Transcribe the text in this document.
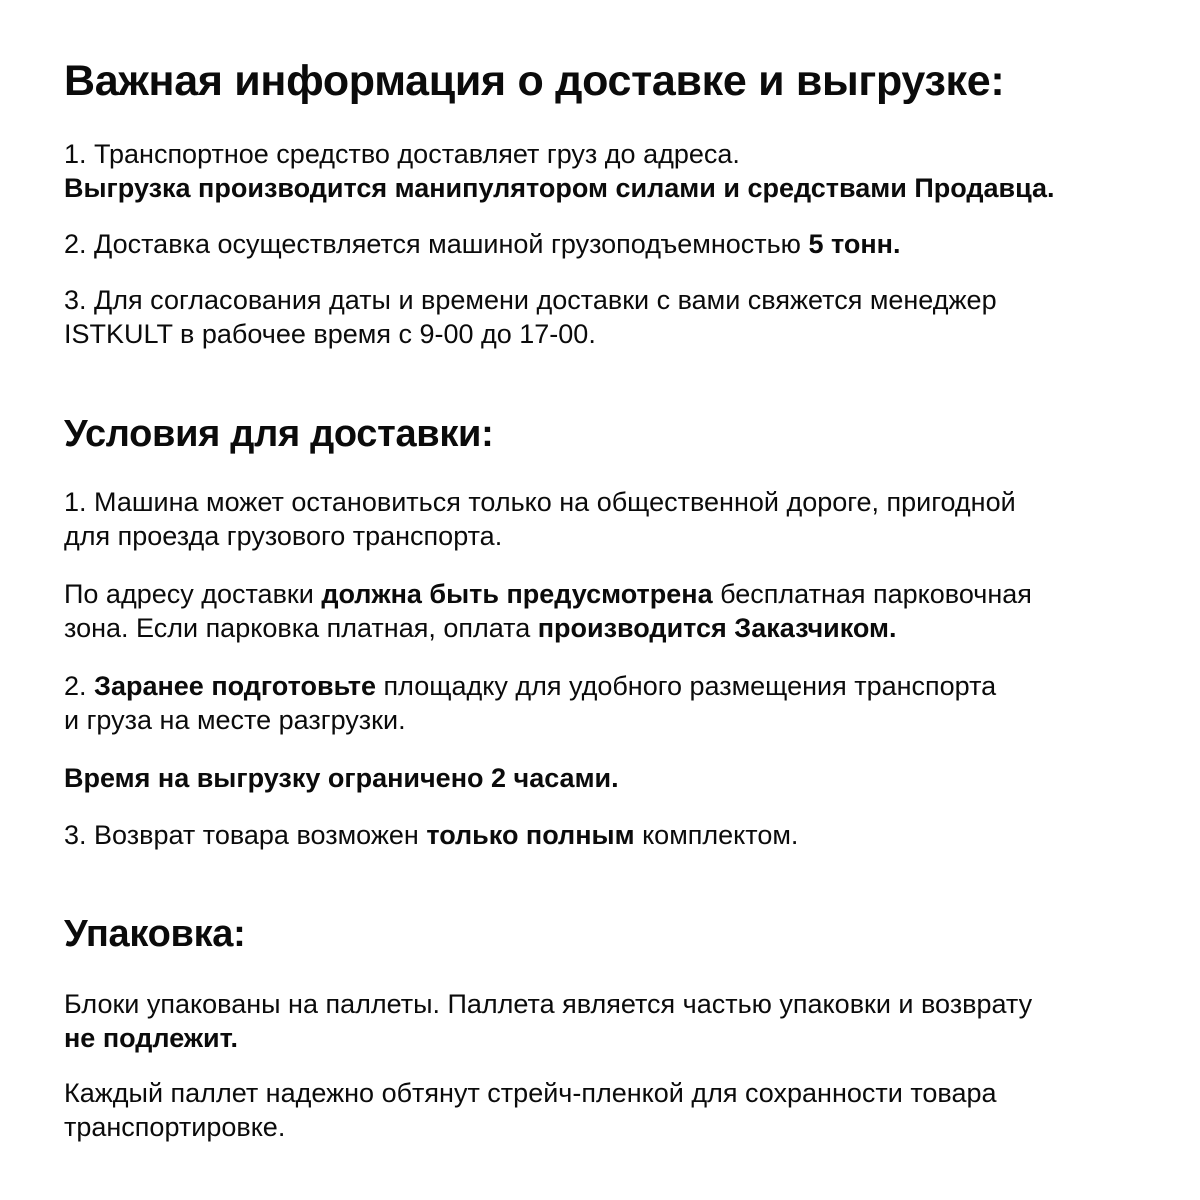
Важная информация о доставке и выгрузке:

1. Транспортное средство доставляет груз до адреса.
Выгрузка производится манипулятором силами и средствами Продавца.

2. Доставка осуществляется машиной грузоподъемностью 5 тонн.

3. Для согласования даты и времени доставки с вами свяжется менеджер
ISTKULT в рабочее время с 9-00 до 17-00.

Условия для доставки:

1. Машина может остановиться только на общественной дороге, пригодной
для проезда грузового транспорта.

По адресу доставки должна быть предусмотрена бесплатная парковочная
зона. Если парковка платная, оплата производится Заказчиком.

2. Заранее подготовьте площадку для удобного размещения транспорта
и груза на месте разгрузки.

Время на выгрузку ограничено 2 часами.

3. Возврат товара возможен только полным комплектом.

Упаковка:

Блоки упакованы на паллеты. Паллета является частью упаковки и возврату
не подлежит.

Каждый паллет надежно обтянут стрейч-пленкой для сохранности товара
транспортировке.
